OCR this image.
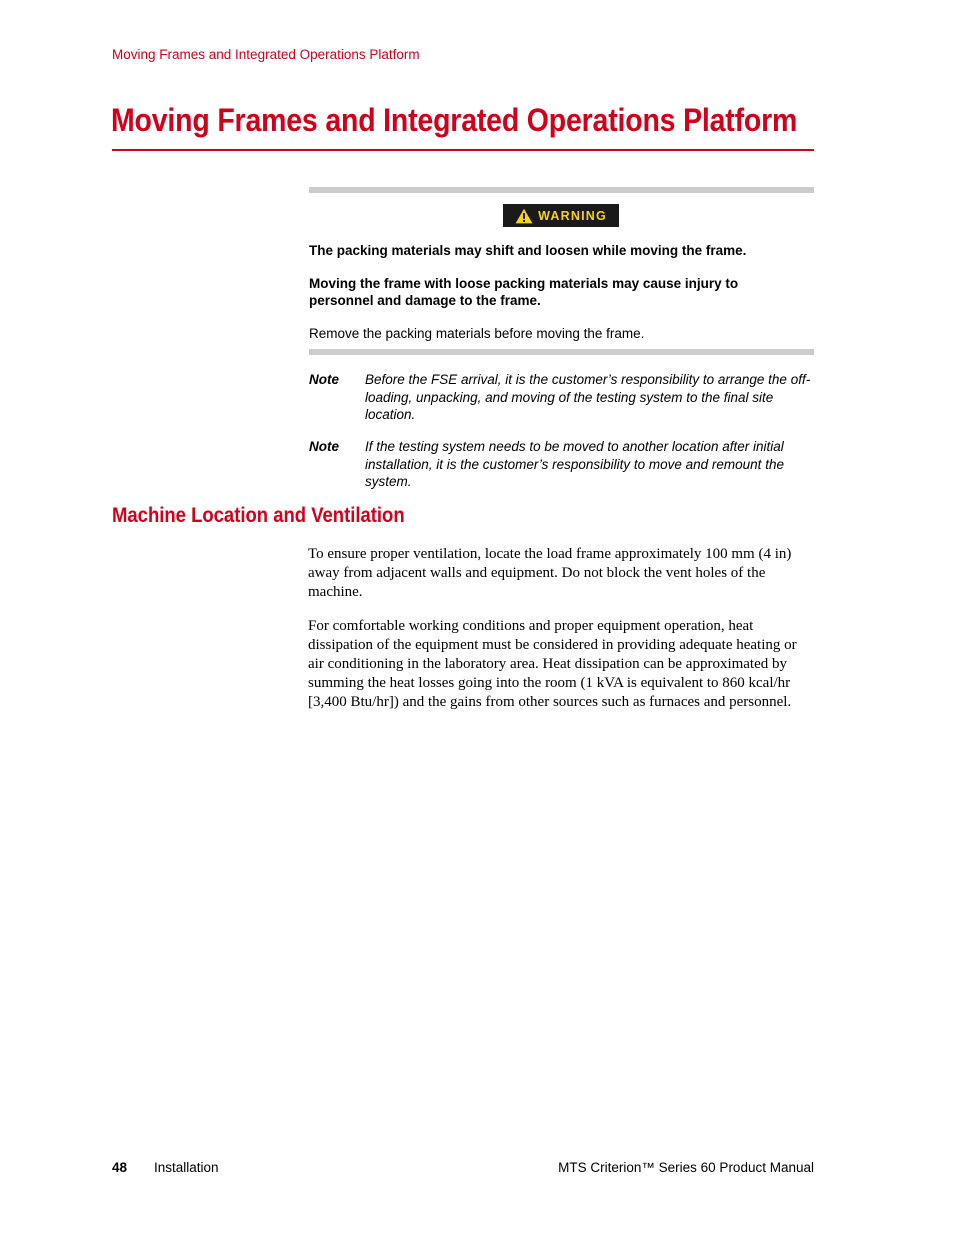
Moving Frames and Integrated Operations Platform
Moving Frames and Integrated Operations Platform
WARNING
The packing materials may shift and loosen while moving the frame.
Moving the frame with loose packing materials may cause injury to personnel and damage to the frame.
Remove the packing materials before moving the frame.
Note Before the FSE arrival, it is the customer’s responsibility to arrange the off-loading, unpacking, and moving of the testing system to the final site location.
Note If the testing system needs to be moved to another location after initial installation, it is the customer’s responsibility to move and remount the system.
Machine Location and Ventilation

To ensure proper ventilation, locate the load frame approximately 100 mm (4 in) away from adjacent walls and equipment. Do not block the vent holes of the machine.

For comfortable working conditions and proper equipment operation, heat dissipation of the equipment must be considered in providing adequate heating or air conditioning in the laboratory area. Heat dissipation can be approximated by summing the heat losses going into the room (1 kVA is equivalent to 860 kcal/hr [3,400 Btu/hr]) and the gains from other sources such as furnaces and personnel.

48 Installation	MTS Criterion™ Series 60 Product Manual
